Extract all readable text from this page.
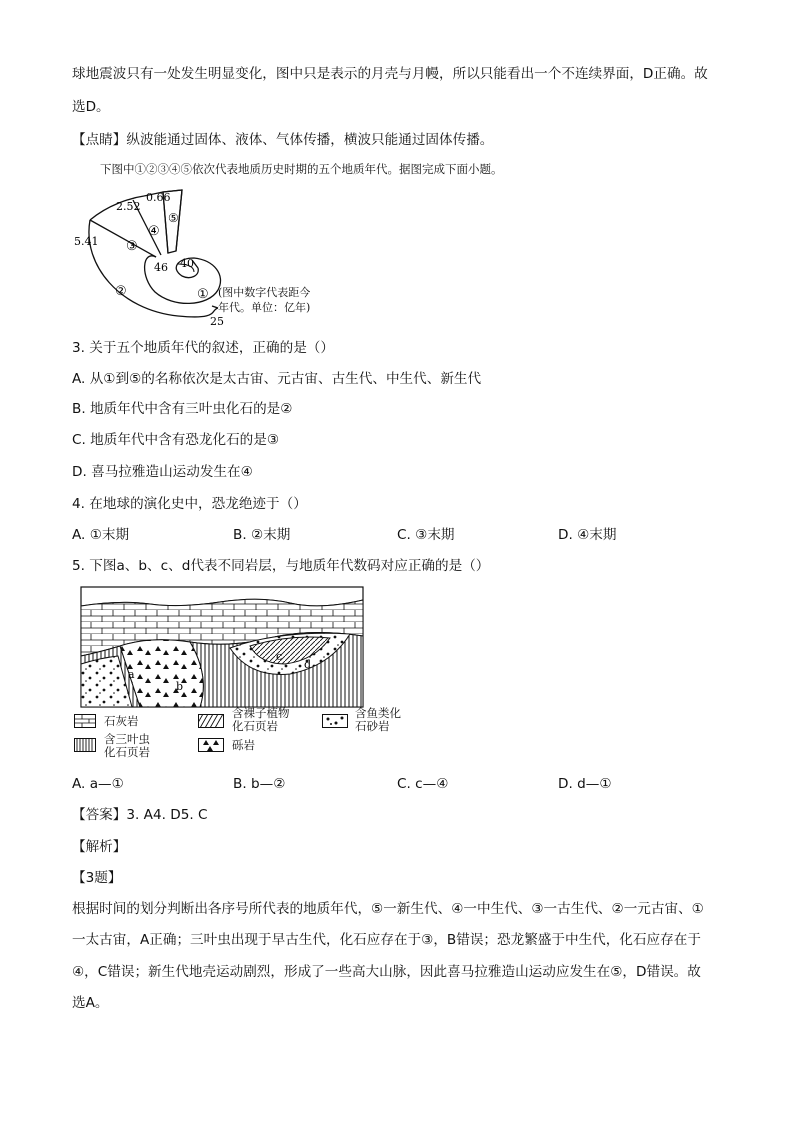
球地震波只有一处发生明显变化，图中只是表示的月壳与月幔，所以只能看出一个不连续界面，D正确。故
选D。
【点睛】纵波能通过固体、液体、气体传播，横波只能通过固体传播。
下图中①②③④⑤依次代表地质历史时期的五个地质年代。据图完成下面小题。
5.41
2.52
0.66
46 40
25
①
②
③
④
⑤
(图中数字代表距今
年代。单位：亿年)
3. 关于五个地质年代的叙述，正确的是（）
A. 从①到⑤的名称依次是太古宙、元古宙、古生代、中生代、新生代
B. 地质年代中含有三叶虫化石的是②
C. 地质年代中含有恐龙化石的是③
D. 喜马拉雅造山运动发生在④
4. 在地球的演化史中，恐龙绝迹于（）
A. ①末期	B. ②末期	C. ③末期	D. ④末期
5. 下图a、b、c、d代表不同岩层，与地质年代数码对应正确的是（）
a
b
c
d
石灰岩
含裸子植物
化石页岩
含鱼类化
石砂岩
含三叶虫
化石页岩	砾岩
A. a—①	B. b—②	C. c—④	D. d—①
【答案】3. A4. D5. C
【解析】
【3题】
根据时间的划分判断出各序号所代表的地质年代，⑤一新生代、④一中生代、③一古生代、②一元古宙、①
一太古宙，A正确；三叶虫出现于早古生代，化石应存在于③，B错误；恐龙繁盛于中生代，化石应存在于
④，C错误；新生代地壳运动剧烈，形成了一些高大山脉，因此喜马拉雅造山运动应发生在⑤，D错误。故
选A。
